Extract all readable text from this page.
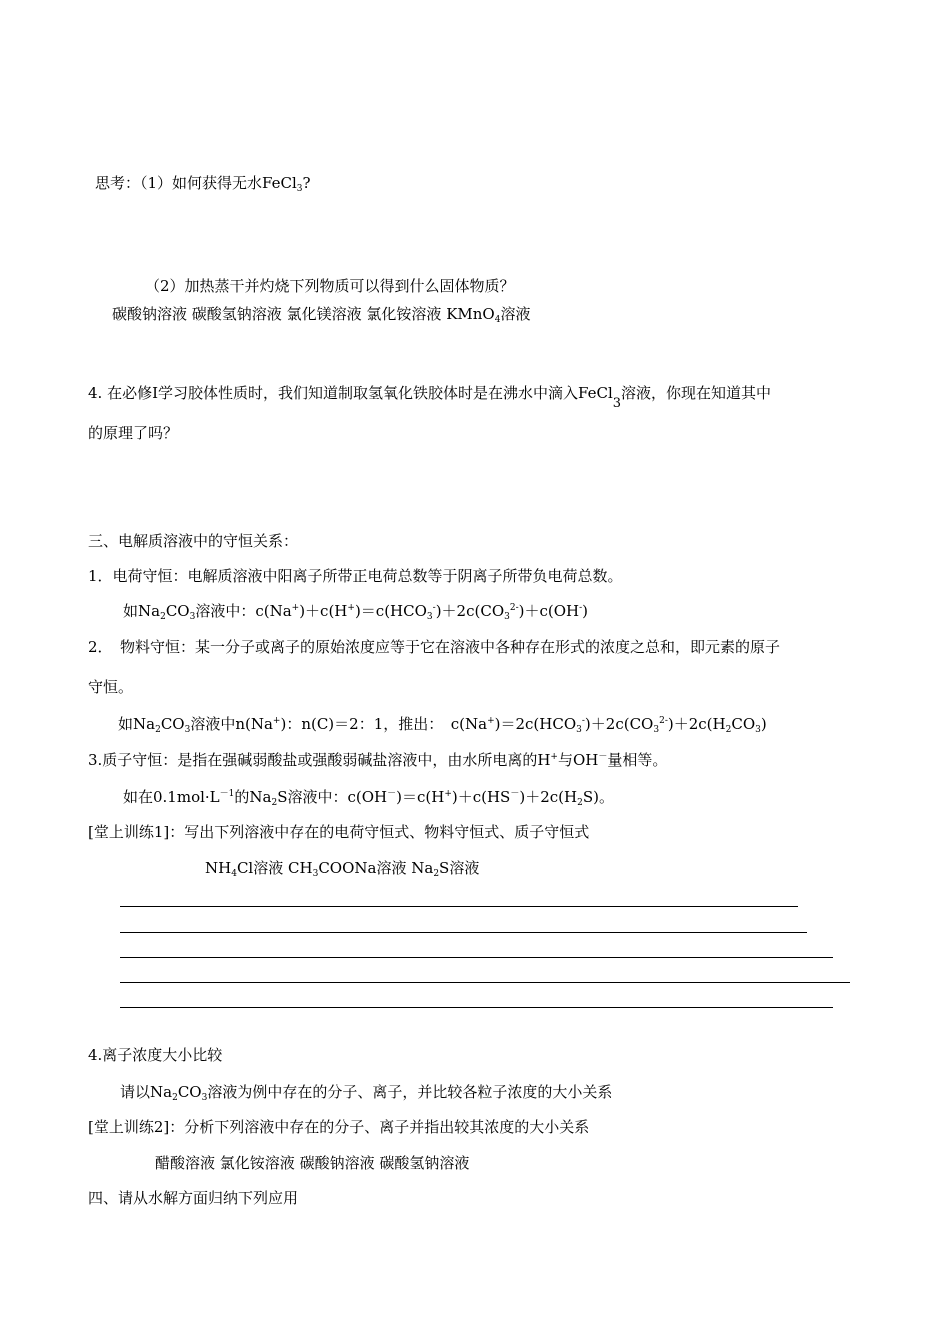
思考：（1）如何获得无水FeCl$_3$?
（2）加热蒸干并灼烧下列物质可以得到什么固体物质？
碳酸钠溶液 碳酸氢钠溶液 氯化镁溶液 氯化铵溶液 KMnO$_4$溶液
4. 在必修Ⅰ学习胶体性质时，我们知道制取氢氧化铁胶体时是在沸水中滴入FeCl$_3$溶液，你现在知道其中
的原理了吗？
三、电解质溶液中的守恒关系：
1．电荷守恒：电解质溶液中阳离子所带正电荷总数等于阴离子所带负电荷总数。
如$Na_2CO_3$溶液中：$c(Na^+)+c(H^+)=c(HCO_3^-)+2c(CO_3^{2-})+c(OH^-)$
2．　物料守恒：某一分子或离子的原始浓度应等于它在溶液中各种存在形式的浓度之总和，即元素的原子
守恒。
如$Na_2CO_3$溶液中n(Na+)：n(C)＝2：1，推出：　$c(Na^+)=2c(HCO_3^-)+2c(CO_3^{2-})+2c(H_2CO_3)$
3.质子守恒：是指在强碱弱酸盐或强酸弱碱盐溶液中，由水所电离的H+与OH－量相等。
如在$0.1mol\cdot L^{-1}$的$Na_2S$溶液中：$c(OH^-)=c(H^+)+c(HS^-)+2c(H_2S)$。
[堂上训练1]：写出下列溶液中存在的电荷守恒式、物料守恒式、质子守恒式
$NH_4Cl$溶液 $CH_3COONa$溶液 $Na_2S$溶液
4.离子浓度大小比较
请以$Na_2CO_3$溶液为例中存在的分子、离子，并比较各粒子浓度的大小关系
[堂上训练2]：分析下列溶液中存在的分子、离子并指出较其浓度的大小关系
醋酸溶液 氯化铵溶液 碳酸钠溶液 碳酸氢钠溶液
四、请从水解方面归纳下列应用
